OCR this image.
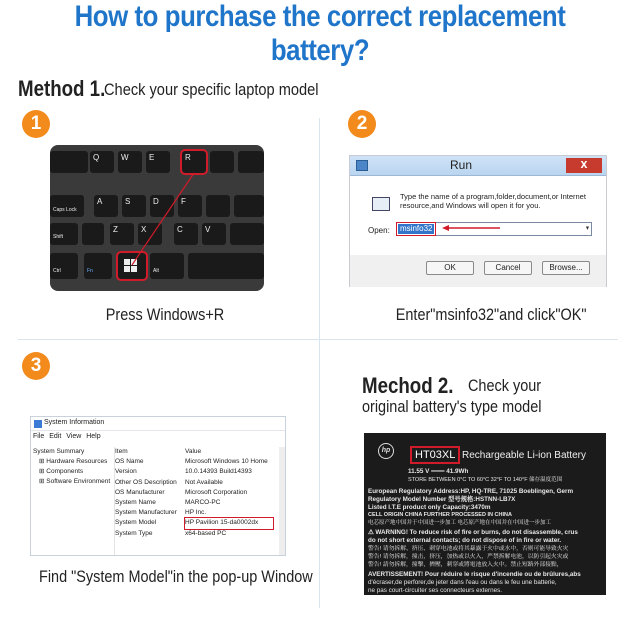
How to purchase the correct replacement battery?
Method 1.
Check your specific laptop model
1
Q	W	E	R
Caps Lock
A	S	D	F
Shift
Z	X	C	V
Ctrl	Fn	Alt
Press Windows+R
2
Run	X
Type the name of a program,folder,document,or Internet resource,and Windows will open it for you.
Open: msinfo32	▾
OK	Cancel	Browse...
Enter"msinfo32"and click"OK"
3
System Information
File Edit View Help
System Summary
⊞ Hardware Resources
⊞ Components
⊞ Software Environment
Item	Value
OS Name	Microsoft Windows 10 Home
Version	10.0.14393 Build14393
Other OS Description	Not Available
OS Manufacturer	Microsoft Corporation
System Name	MARCO-PC
System Manufacturer	HP Inc.
System Model	HP Pavilion 15-da0002dx
System Type	x64-based PC
Find "System Model"in the pop-up Window
Mechod 2. Check your
original battery's type model
hp	HT03XL Rechargeable Li-ion Battery
11.55 V ═══ 41.9Wh
STORE BETWEEN 0°C TO 60°C 32°F TO 140°F 储存温度范围
European Regulatory Address:HP, HQ-TRE, 71025 Boeblingen, Germ
Regulatory Model Number 型号规格:HSTNN-LB7X
Listed I.T.E product only Capacity:3470m
CELL ORIGIN CHINA FURTHER PROCESSED IN CHINA
电芯原产地中国并于中国进一步加工 电芯原产地在中国并在中国进一步加工
⚠ WARNING! To reduce risk of fire or burns, do not disassemble, crus
do not short external contacts; do not dispose of in fire or water.
警告! 请勿拆解、挤压、刺穿电池或将其暴露于火中或水中，否则可能导致火灾
警告! 请勿拆解，撞击，挤压，加热或以火入，严禁拆解电池，以防引起火灾或
警告! 請勿拆解，撞擊，擠壓，刺穿或將電池放入火中。禁止短路外部接點，
AVERTISSEMENT! Pour réduire le risque d'incendie ou de brûlures,abs
d'écraser,de perforer,de jeter dans l'eau ou dans le feu une batterie,
ne pas court-circuiter ses connecteurs externes.
